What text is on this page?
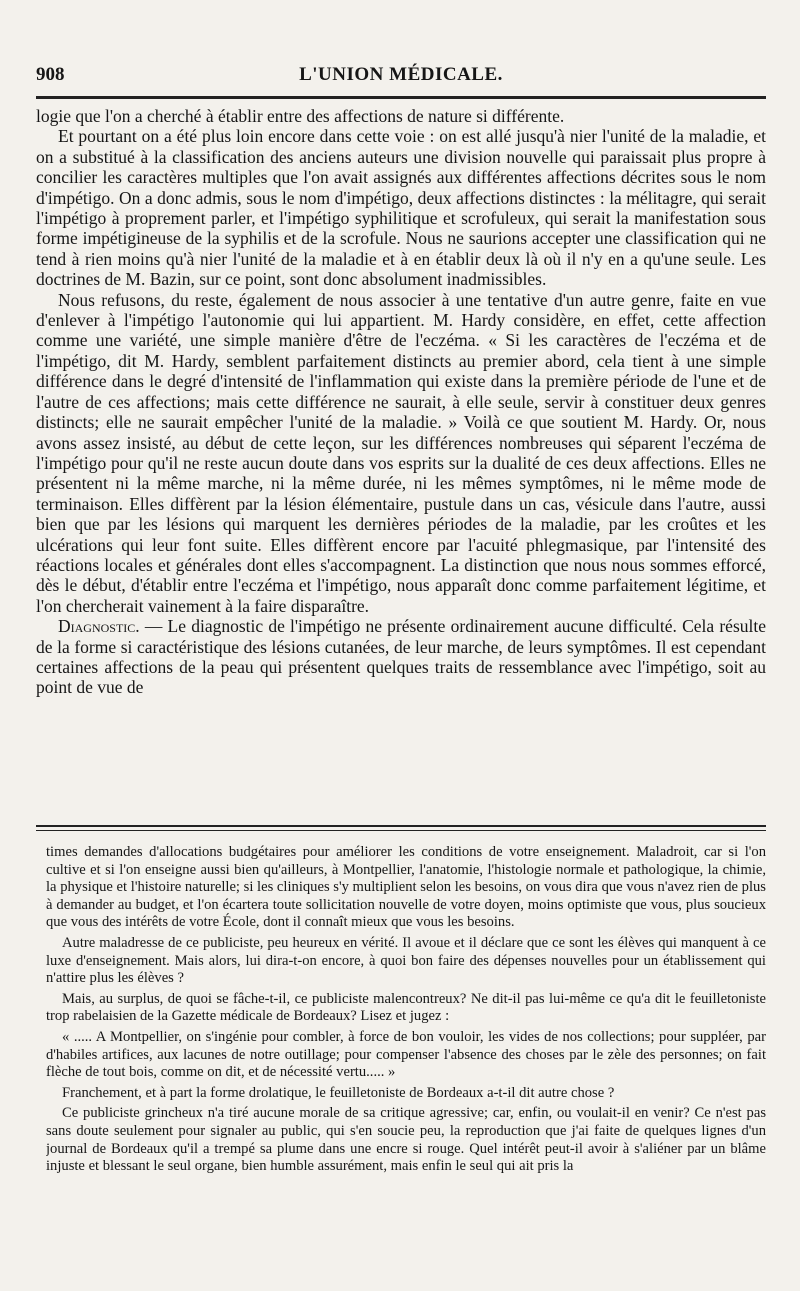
908	L'UNION MÉDICALE.

logie que l'on a cherché à établir entre des affections de nature si différente.

Et pourtant on a été plus loin encore dans cette voie : on est allé jusqu'à nier l'unité de la maladie, et on a substitué à la classification des anciens auteurs une division nouvelle qui paraissait plus propre à concilier les caractères multiples que l'on avait assignés aux différentes affections décrites sous le nom d'impétigo. On a donc admis, sous le nom d'impétigo, deux affections distinctes : la mélitagre, qui serait l'impétigo à proprement parler, et l'impétigo syphilitique et scrofuleux, qui serait la manifestation sous forme impétigineuse de la syphilis et de la scrofule. Nous ne saurions accepter une classification qui ne tend à rien moins qu'à nier l'unité de la maladie et à en établir deux là où il n'y en a qu'une seule. Les doctrines de M. Bazin, sur ce point, sont donc absolument inadmissibles.

Nous refusons, du reste, également de nous associer à une tentative d'un autre genre, faite en vue d'enlever à l'impétigo l'autonomie qui lui appartient. M. Hardy considère, en effet, cette affection comme une variété, une simple manière d'être de l'eczéma. « Si les caractères de l'eczéma et de l'impétigo, dit M. Hardy, semblent parfaitement distincts au premier abord, cela tient à une simple différence dans le degré d'intensité de l'inflammation qui existe dans la première période de l'une et de l'autre de ces affections; mais cette différence ne saurait, à elle seule, servir à constituer deux genres distincts; elle ne saurait empêcher l'unité de la maladie. » Voilà ce que soutient M. Hardy. Or, nous avons assez insisté, au début de cette leçon, sur les différences nombreuses qui séparent l'eczéma de l'impétigo pour qu'il ne reste aucun doute dans vos esprits sur la dualité de ces deux affections. Elles ne présentent ni la même marche, ni la même durée, ni les mêmes symptômes, ni le même mode de terminaison. Elles diffèrent par la lésion élémentaire, pustule dans un cas, vésicule dans l'autre, aussi bien que par les lésions qui marquent les dernières périodes de la maladie, par les croûtes et les ulcérations qui leur font suite. Elles diffèrent encore par l'acuité phlegmasique, par l'intensité des réactions locales et générales dont elles s'accompagnent. La distinction que nous nous sommes efforcé, dès le début, d'établir entre l'eczéma et l'impétigo, nous apparaît donc comme parfaitement légitime, et l'on chercherait vainement à la faire disparaître.

Diagnostic. — Le diagnostic de l'impétigo ne présente ordinairement aucune difficulté. Cela résulte de la forme si caractéristique des lésions cutanées, de leur marche, de leurs symptômes. Il est cependant certaines affections de la peau qui présentent quelques traits de ressemblance avec l'impétigo, soit au point de vue de

times demandes d'allocations budgétaires pour améliorer les conditions de votre enseignement. Maladroit, car si l'on cultive et si l'on enseigne aussi bien qu'ailleurs, à Montpellier, l'anatomie, l'histologie normale et pathologique, la chimie, la physique et l'histoire naturelle; si les cliniques s'y multiplient selon les besoins, on vous dira que vous n'avez rien de plus à demander au budget, et l'on écartera toute sollicitation nouvelle de votre doyen, moins optimiste que vous, plus soucieux que vous des intérêts de votre École, dont il connaît mieux que vous les besoins.

Autre maladresse de ce publiciste, peu heureux en vérité. Il avoue et il déclare que ce sont les élèves qui manquent à ce luxe d'enseignement. Mais alors, lui dira-t-on encore, à quoi bon faire des dépenses nouvelles pour un établissement qui n'attire plus les élèves ?

Mais, au surplus, de quoi se fâche-t-il, ce publiciste malencontreux? Ne dit-il pas lui-même ce qu'a dit le feuilletoniste trop rabelaisien de la Gazette médicale de Bordeaux? Lisez et jugez :

« ..... A Montpellier, on s'ingénie pour combler, à force de bon vouloir, les vides de nos collections; pour suppléer, par d'habiles artifices, aux lacunes de notre outillage; pour compenser l'absence des choses par le zèle des personnes; on fait flèche de tout bois, comme on dit, et de nécessité vertu..... »

Franchement, et à part la forme drolatique, le feuilletoniste de Bordeaux a-t-il dit autre chose ?

Ce publiciste grincheux n'a tiré aucune morale de sa critique agressive; car, enfin, ou voulait-il en venir? Ce n'est pas sans doute seulement pour signaler au public, qui s'en soucie peu, la reproduction que j'ai faite de quelques lignes d'un journal de Bordeaux qu'il a trempé sa plume dans une encre si rouge. Quel intérêt peut-il avoir à s'aliéner par un blâme injuste et blessant le seul organe, bien humble assurément, mais enfin le seul qui ait pris la
